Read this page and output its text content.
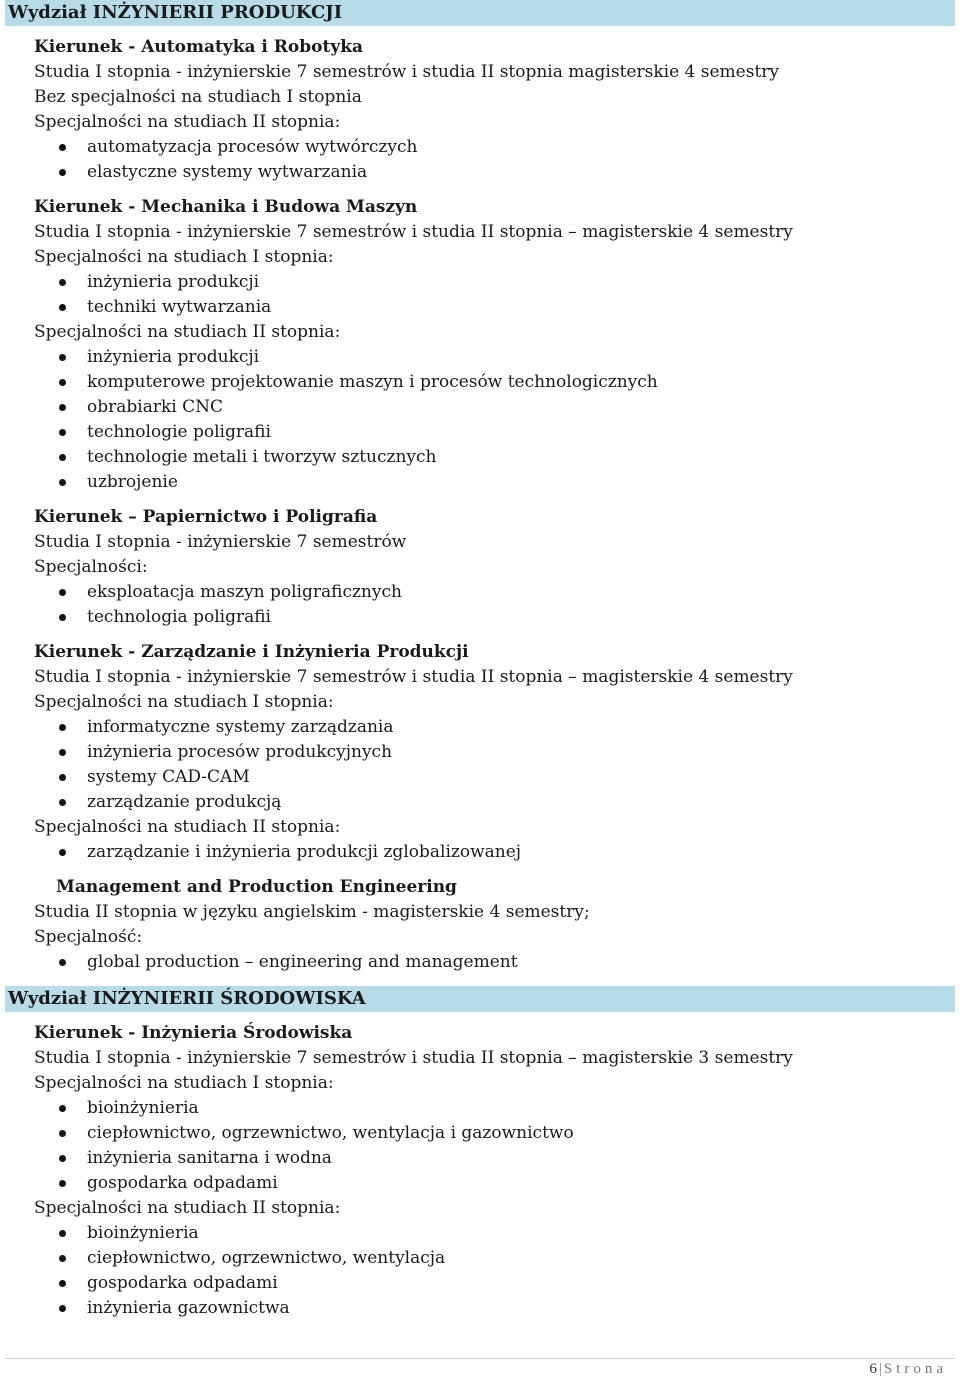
Wydział INŻYNIERII PRODUKCJI
Kierunek - Automatyka i Robotyka
Studia I stopnia - inżynierskie 7 semestrów i studia II stopnia magisterskie 4 semestry
Bez specjalności na studiach I stopnia
Specjalności na studiach II stopnia:
automatyzacja procesów wytwórczych
elastyczne systemy wytwarzania
Kierunek - Mechanika i Budowa Maszyn
Studia I stopnia - inżynierskie 7 semestrów i studia II stopnia – magisterskie 4 semestry
Specjalności na studiach I stopnia:
inżynieria produkcji
techniki wytwarzania
Specjalności na studiach II stopnia:
inżynieria produkcji
komputerowe projektowanie maszyn i procesów technologicznych
obrabiarki CNC
technologie poligrafii
technologie metali i tworzyw sztucznych
uzbrojenie
Kierunek – Papiernictwo i Poligrafia
Studia I stopnia - inżynierskie 7 semestrów
Specjalności:
eksploatacja maszyn poligraficznych
technologia poligrafii
Kierunek - Zarządzanie i Inżynieria Produkcji
Studia I stopnia - inżynierskie 7 semestrów i studia II stopnia – magisterskie 4 semestry
Specjalności na studiach I stopnia:
informatyczne systemy zarządzania
inżynieria procesów produkcyjnych
systemy CAD-CAM
zarządzanie produkcją
Specjalności na studiach II stopnia:
zarządzanie i inżynieria produkcji zglobalizowanej
Management and Production Engineering
Studia II stopnia w języku angielskim - magisterskie 4 semestry;
Specjalność:
global production – engineering and management
Wydział INŻYNIERII ŚRODOWISKA
Kierunek - Inżynieria Środowiska
Studia I stopnia - inżynierskie 7 semestrów i studia II stopnia – magisterskie 3 semestry
Specjalności na studiach I stopnia:
bioinżynieria
ciepłownictwo, ogrzewnictwo, wentylacja i gazownictwo
inżynieria sanitarna i wodna
gospodarka odpadami
Specjalności na studiach II stopnia:
bioinżynieria
ciepłownictwo, ogrzewnictwo, wentylacja
gospodarka odpadami
inżynieria gazownictwa
6 | Strona
